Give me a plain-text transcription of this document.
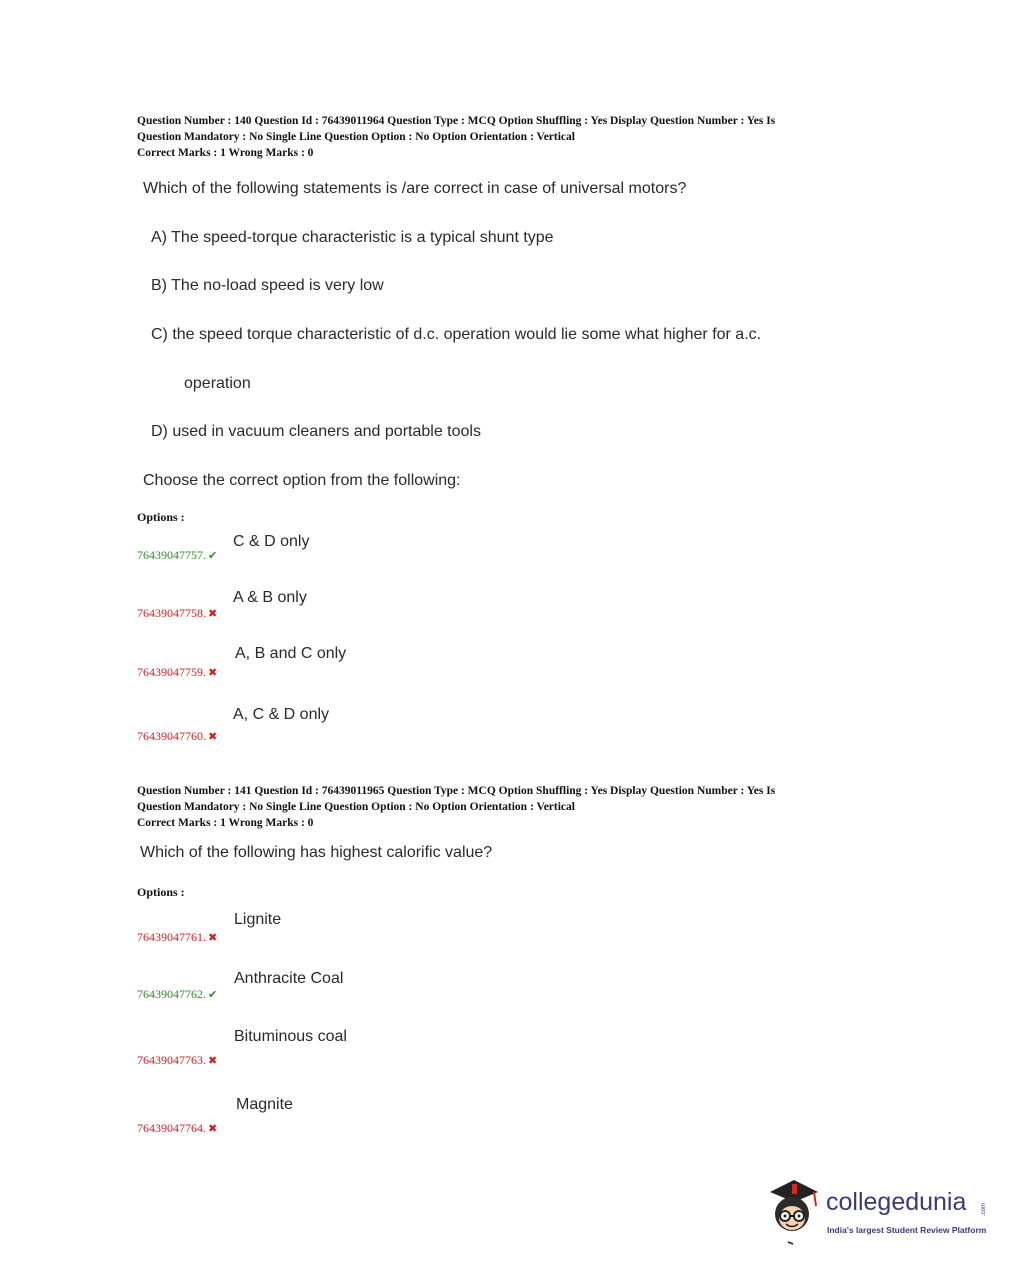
Question Number : 140 Question Id : 76439011964 Question Type : MCQ Option Shuffling : Yes Display Question Number : Yes Is
Question Mandatory : No Single Line Question Option : No Option Orientation : Vertical
Correct Marks : 1 Wrong Marks : 0
Which of the following statements is /are correct in case of universal motors?
A) The speed-torque characteristic is a typical shunt type
B) The no-load speed is very low
C) the speed torque characteristic of d.c. operation would lie some what higher for a.c.
operation
D) used in vacuum cleaners and portable tools
Choose the correct option from the following:
Options :
C & D only
76439047757. ✔
A & B only
76439047758. ✖
A, B and C only
76439047759. ✖
A, C & D only
76439047760. ✖
Question Number : 141 Question Id : 76439011965 Question Type : MCQ Option Shuffling : Yes Display Question Number : Yes Is
Question Mandatory : No Single Line Question Option : No Option Orientation : Vertical
Correct Marks : 1 Wrong Marks : 0
Which of the following has highest calorific value?
Options :
Lignite
76439047761. ✖
Anthracite Coal
76439047762. ✔
Bituminous coal
76439047763. ✖
Magnite
76439047764. ✖
collegedunia .com
India's largest Student Review Platform
